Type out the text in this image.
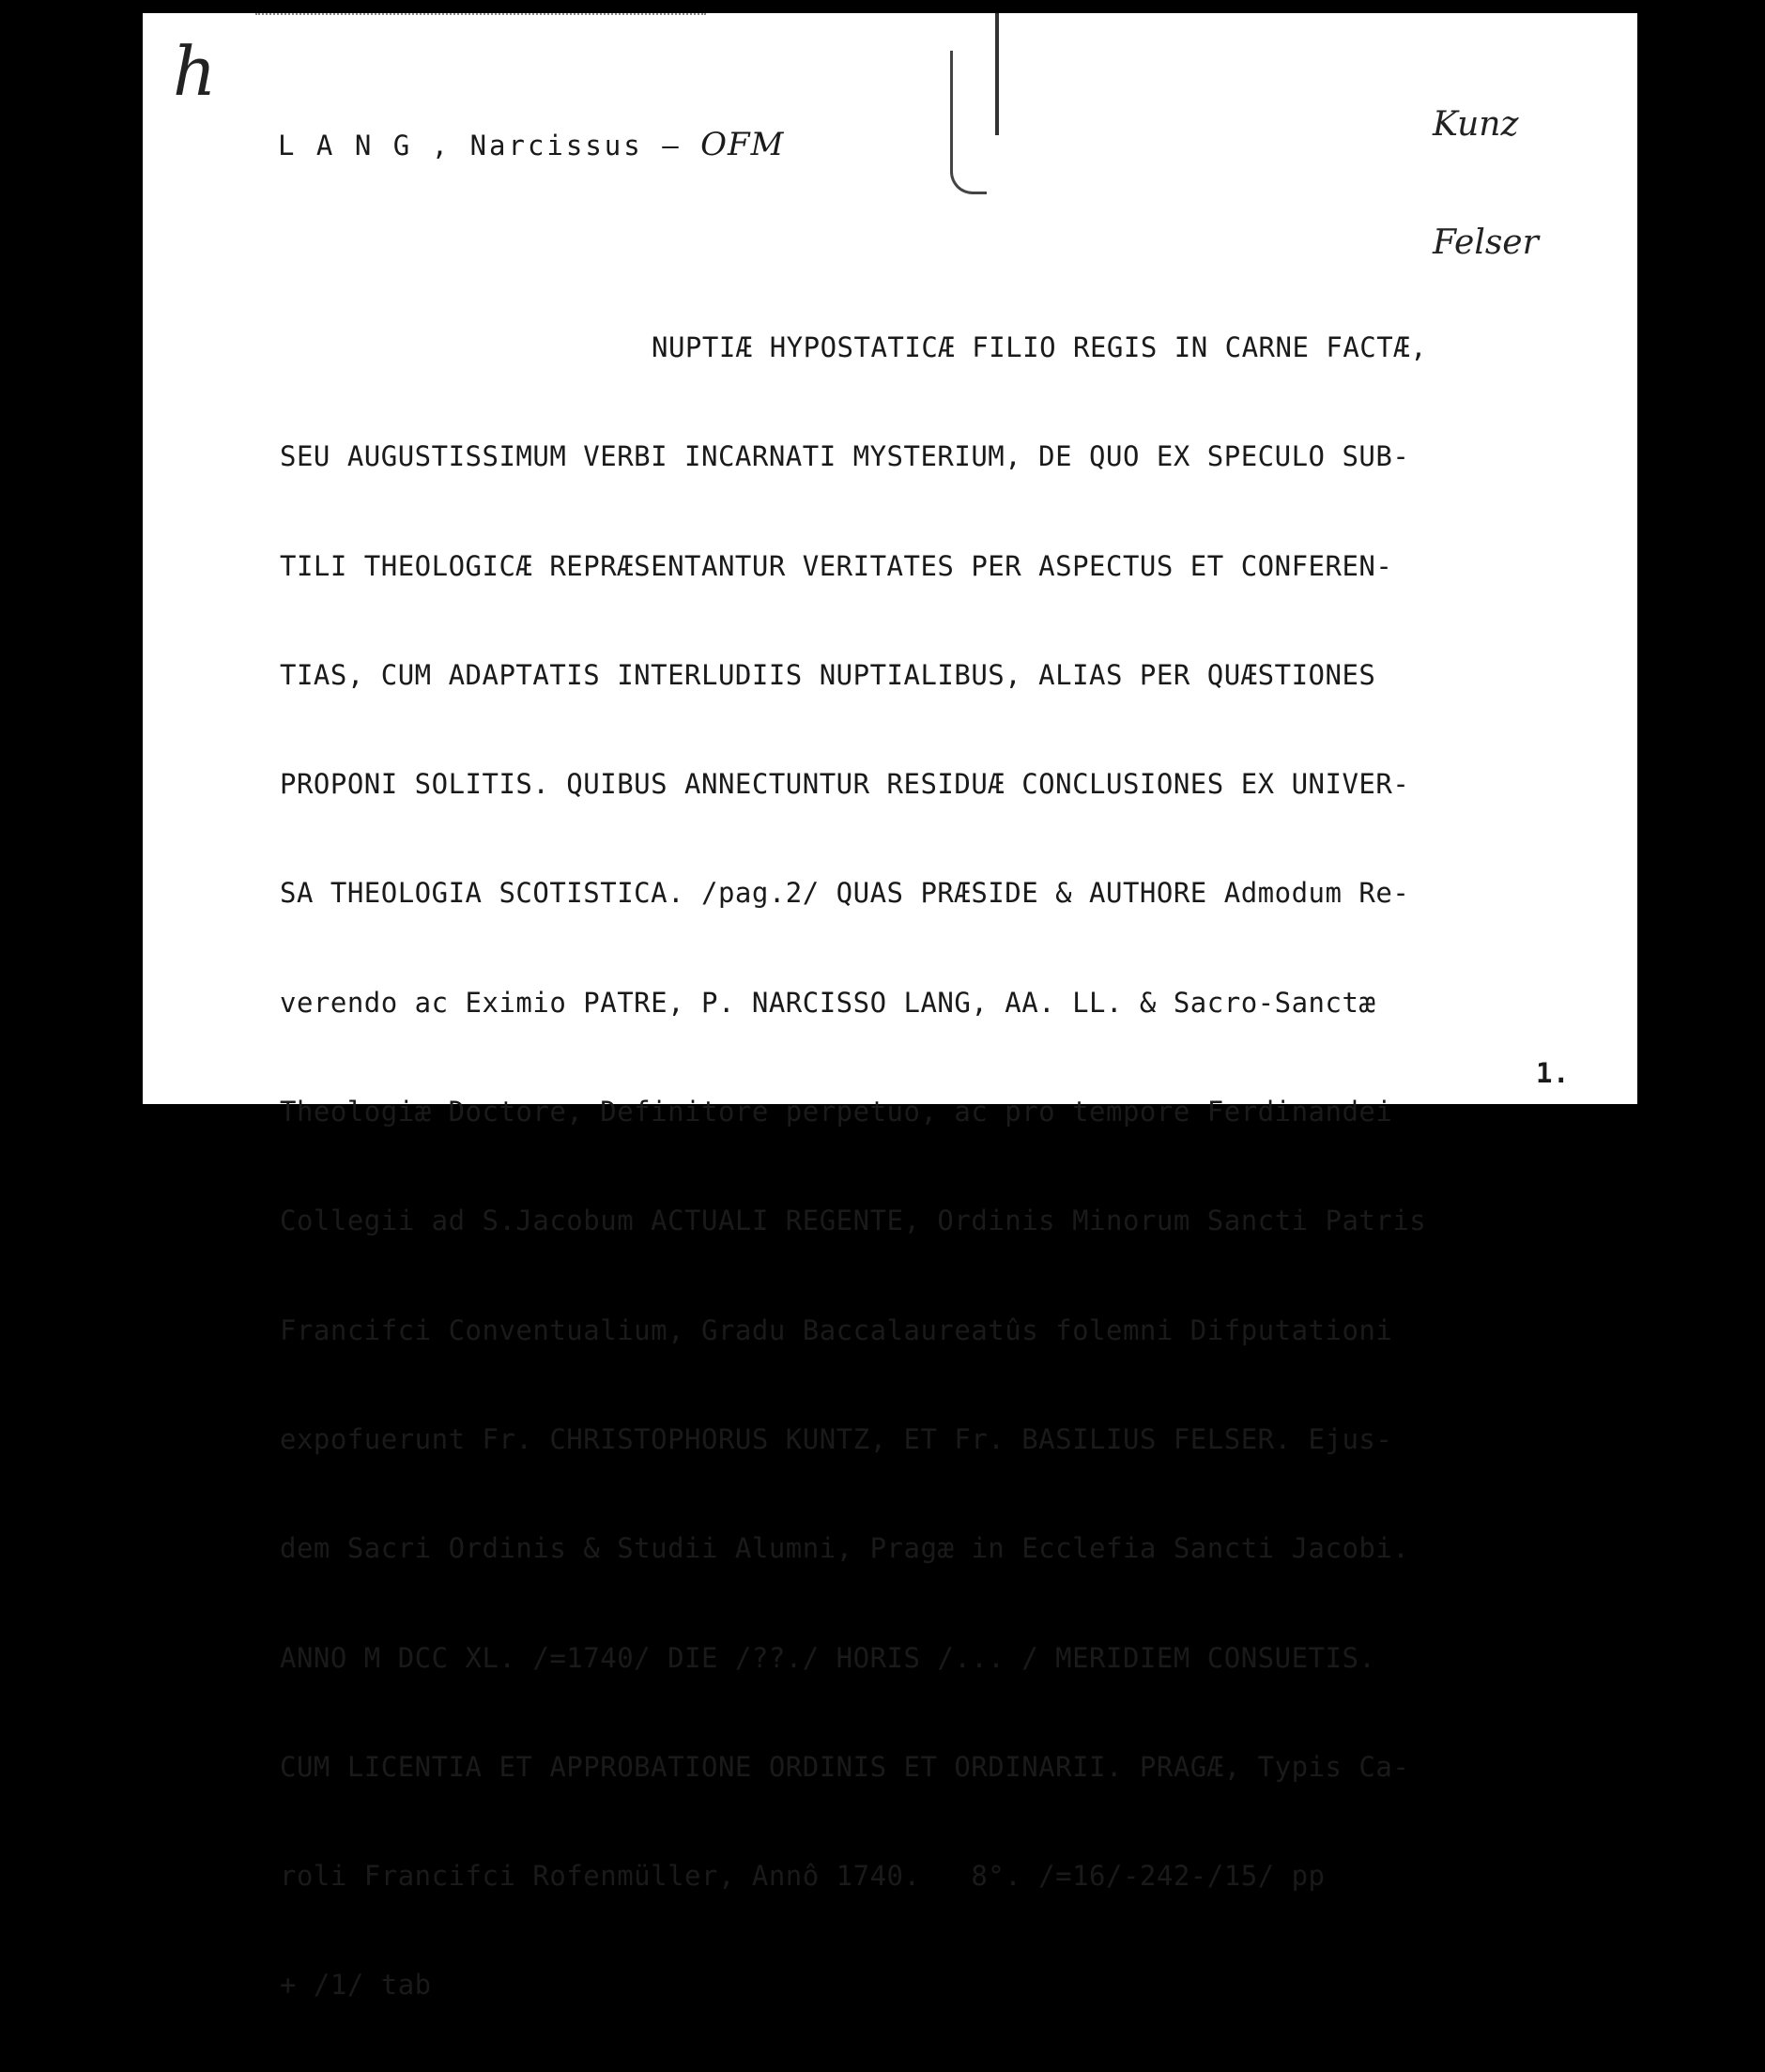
h

Kunz

Felser

L A N G , Narcissus – OFM

NUPTIÆ HYPOSTATICÆ FILIO REGIS IN CARNE FACTÆ,

SEU AUGUSTISSIMUM VERBI INCARNATI MYSTERIUM, DE QUO EX SPECULO SUB-

TILI THEOLOGICÆ REPRÆSENTANTUR VERITATES PER ASPECTUS ET CONFEREN-

TIAS, CUM ADAPTATIS INTERLUDIIS NUPTIALIBUS, ALIAS PER QUÆSTIONES

PROPONI SOLITIS. QUIBUS ANNECTUNTUR RESIDUÆ CONCLUSIONES EX UNIVER-

SA THEOLOGIA SCOTISTICA. /pag.2/ QUAS PRÆSIDE & AUTHORE Admodum Re-

verendo ac Eximio PATRE, P. NARCISSO LANG, AA. LL. & Sacro-Sanctæ

Theologiæ Doctore, Definitore perpetuo, ac pro tempore Ferdinandei

Collegii ad S.Jacobum ACTUALI REGENTE, Ordinis Minorum Sancti Patris

Francifci Conventualium, Gradu Baccalaureatûs folemni Difputationi

expofuerunt Fr. CHRISTOPHORUS KUNTZ, ET Fr. BASILIUS FELSER. Ejus-

dem Sacri Ordinis & Studii Alumni, Pragæ in Ecclefia Sancti Jacobi.

ANNO M DCC XL. /=1740/ DIE /??./ HORIS /... / MERIDIEM CONSUETIS.

CUM LICENTIA ET APPROBATIONE ORDINIS ET ORDINARII. PRAGÆ, Typis Ca-

roli Francifci Rofenmüller, Annô 1740.   8°. /=16/-242-/15/ pp

+ /1/ tab

1.
